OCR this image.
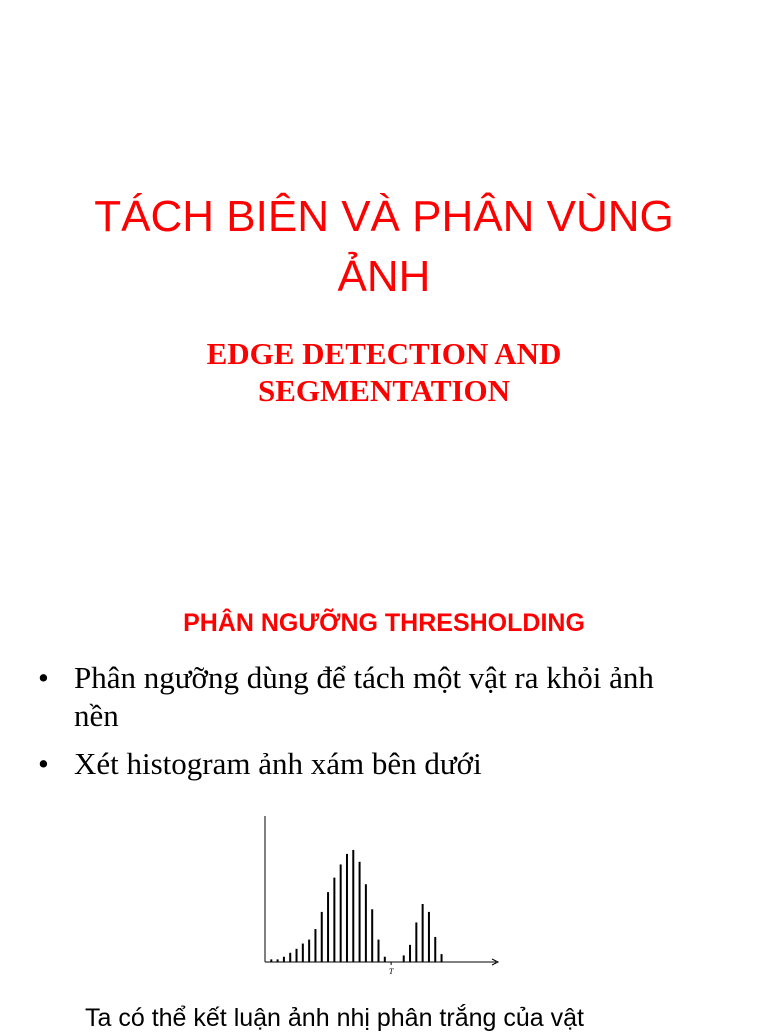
TÁCH BIÊN VÀ PHÂN VÙNG
ẢNH
EDGE DETECTION AND
SEGMENTATION
PHÂN NGƯỠNG THRESHOLDING
• Phân ngưỡng dùng để tách một vật ra khỏi ảnh
nền
• Xét histogram ảnh xám bên dưới
T

Ta có thể kết luận ảnh nhị phân trắng của vật
